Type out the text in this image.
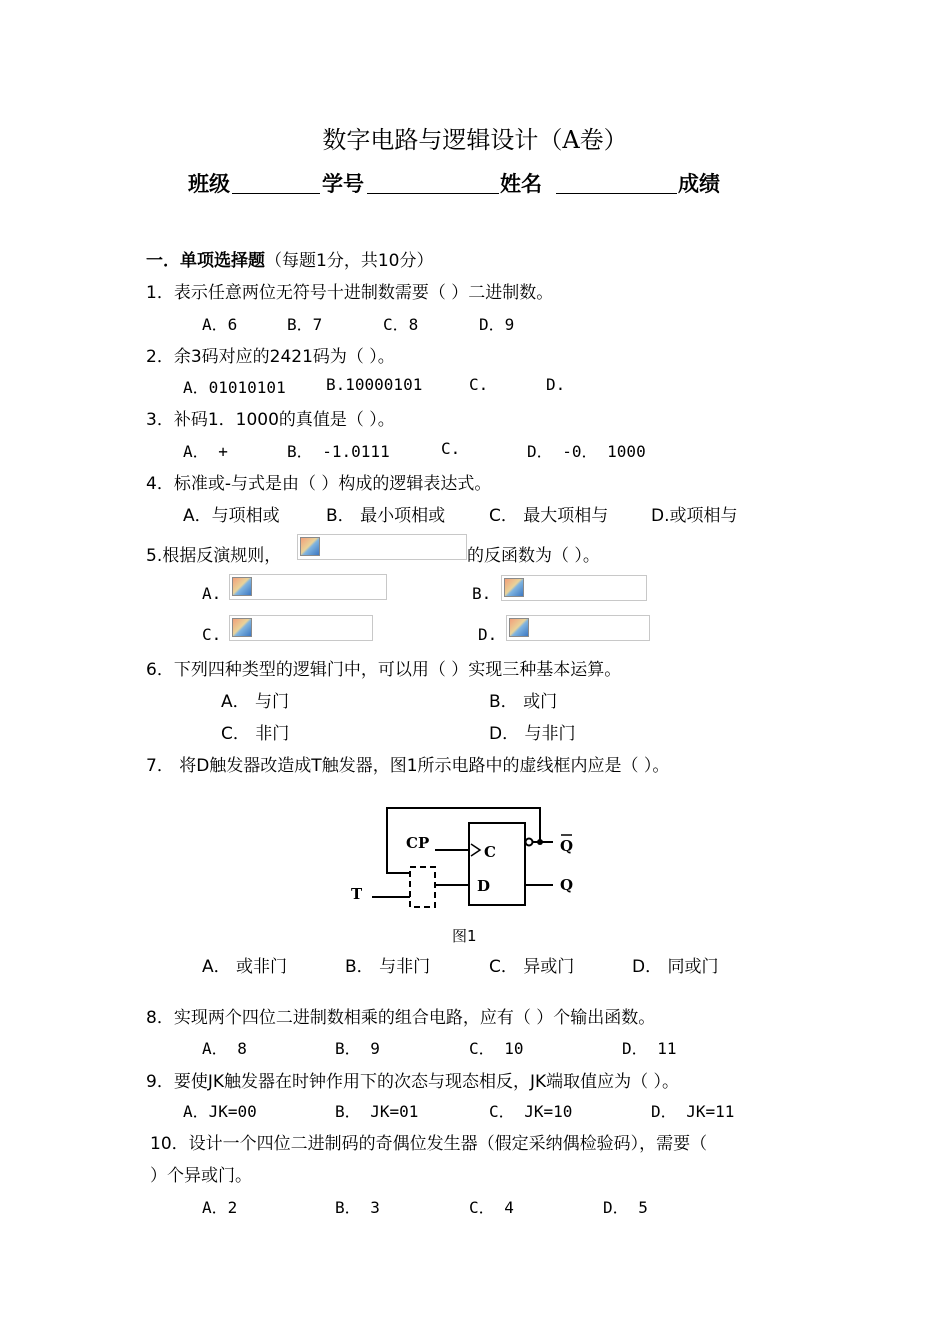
数字电路与逻辑设计（A卷）
班级	学号	姓名	成绩
一．单项选择题（每题1分，共10分）
1．表示任意两位无符号十进制数需要（ ）二进制数。
A．6	B．7	C．8	D．9
2．余3码对应的2421码为（ ）。
A．01010101	B.10000101	C.	D.
3．补码1．1000的真值是（ ）。
A． +	B． -1.0111	C.	D． -0． 1000
4．标准或-与式是由（ ）构成的逻辑表达式。
A．与项相或	B． 最小项相或	C． 最大项相与	D.或项相与
5.根据反演规则，	的反函数为（ ）。
A.	B.
C.	D.
6．下列四种类型的逻辑门中，可以用（ ）实现三种基本运算。
A． 与门	B． 或门
C． 非门	D． 与非门
7． 将D触发器改造成T触发器，图1所示电路中的虚线框内应是（ ）。
CP	C
D
T
Q
Q
图1
A． 或非门	B． 与非门	C． 异或门	D． 同或门
8．实现两个四位二进制数相乘的组合电路，应有（ ）个输出函数。
A． 8	B． 9	C． 10	D． 11
9．要使JK触发器在时钟作用下的次态与现态相反，JK端取值应为（ ）。
A．JK=00	B． JK=01	C． JK=10	D． JK=11
10．设计一个四位二进制码的奇偶位发生器（假定采纳偶检验码），需要（
）个异或门。
A．2	B． 3	C． 4	D． 5
